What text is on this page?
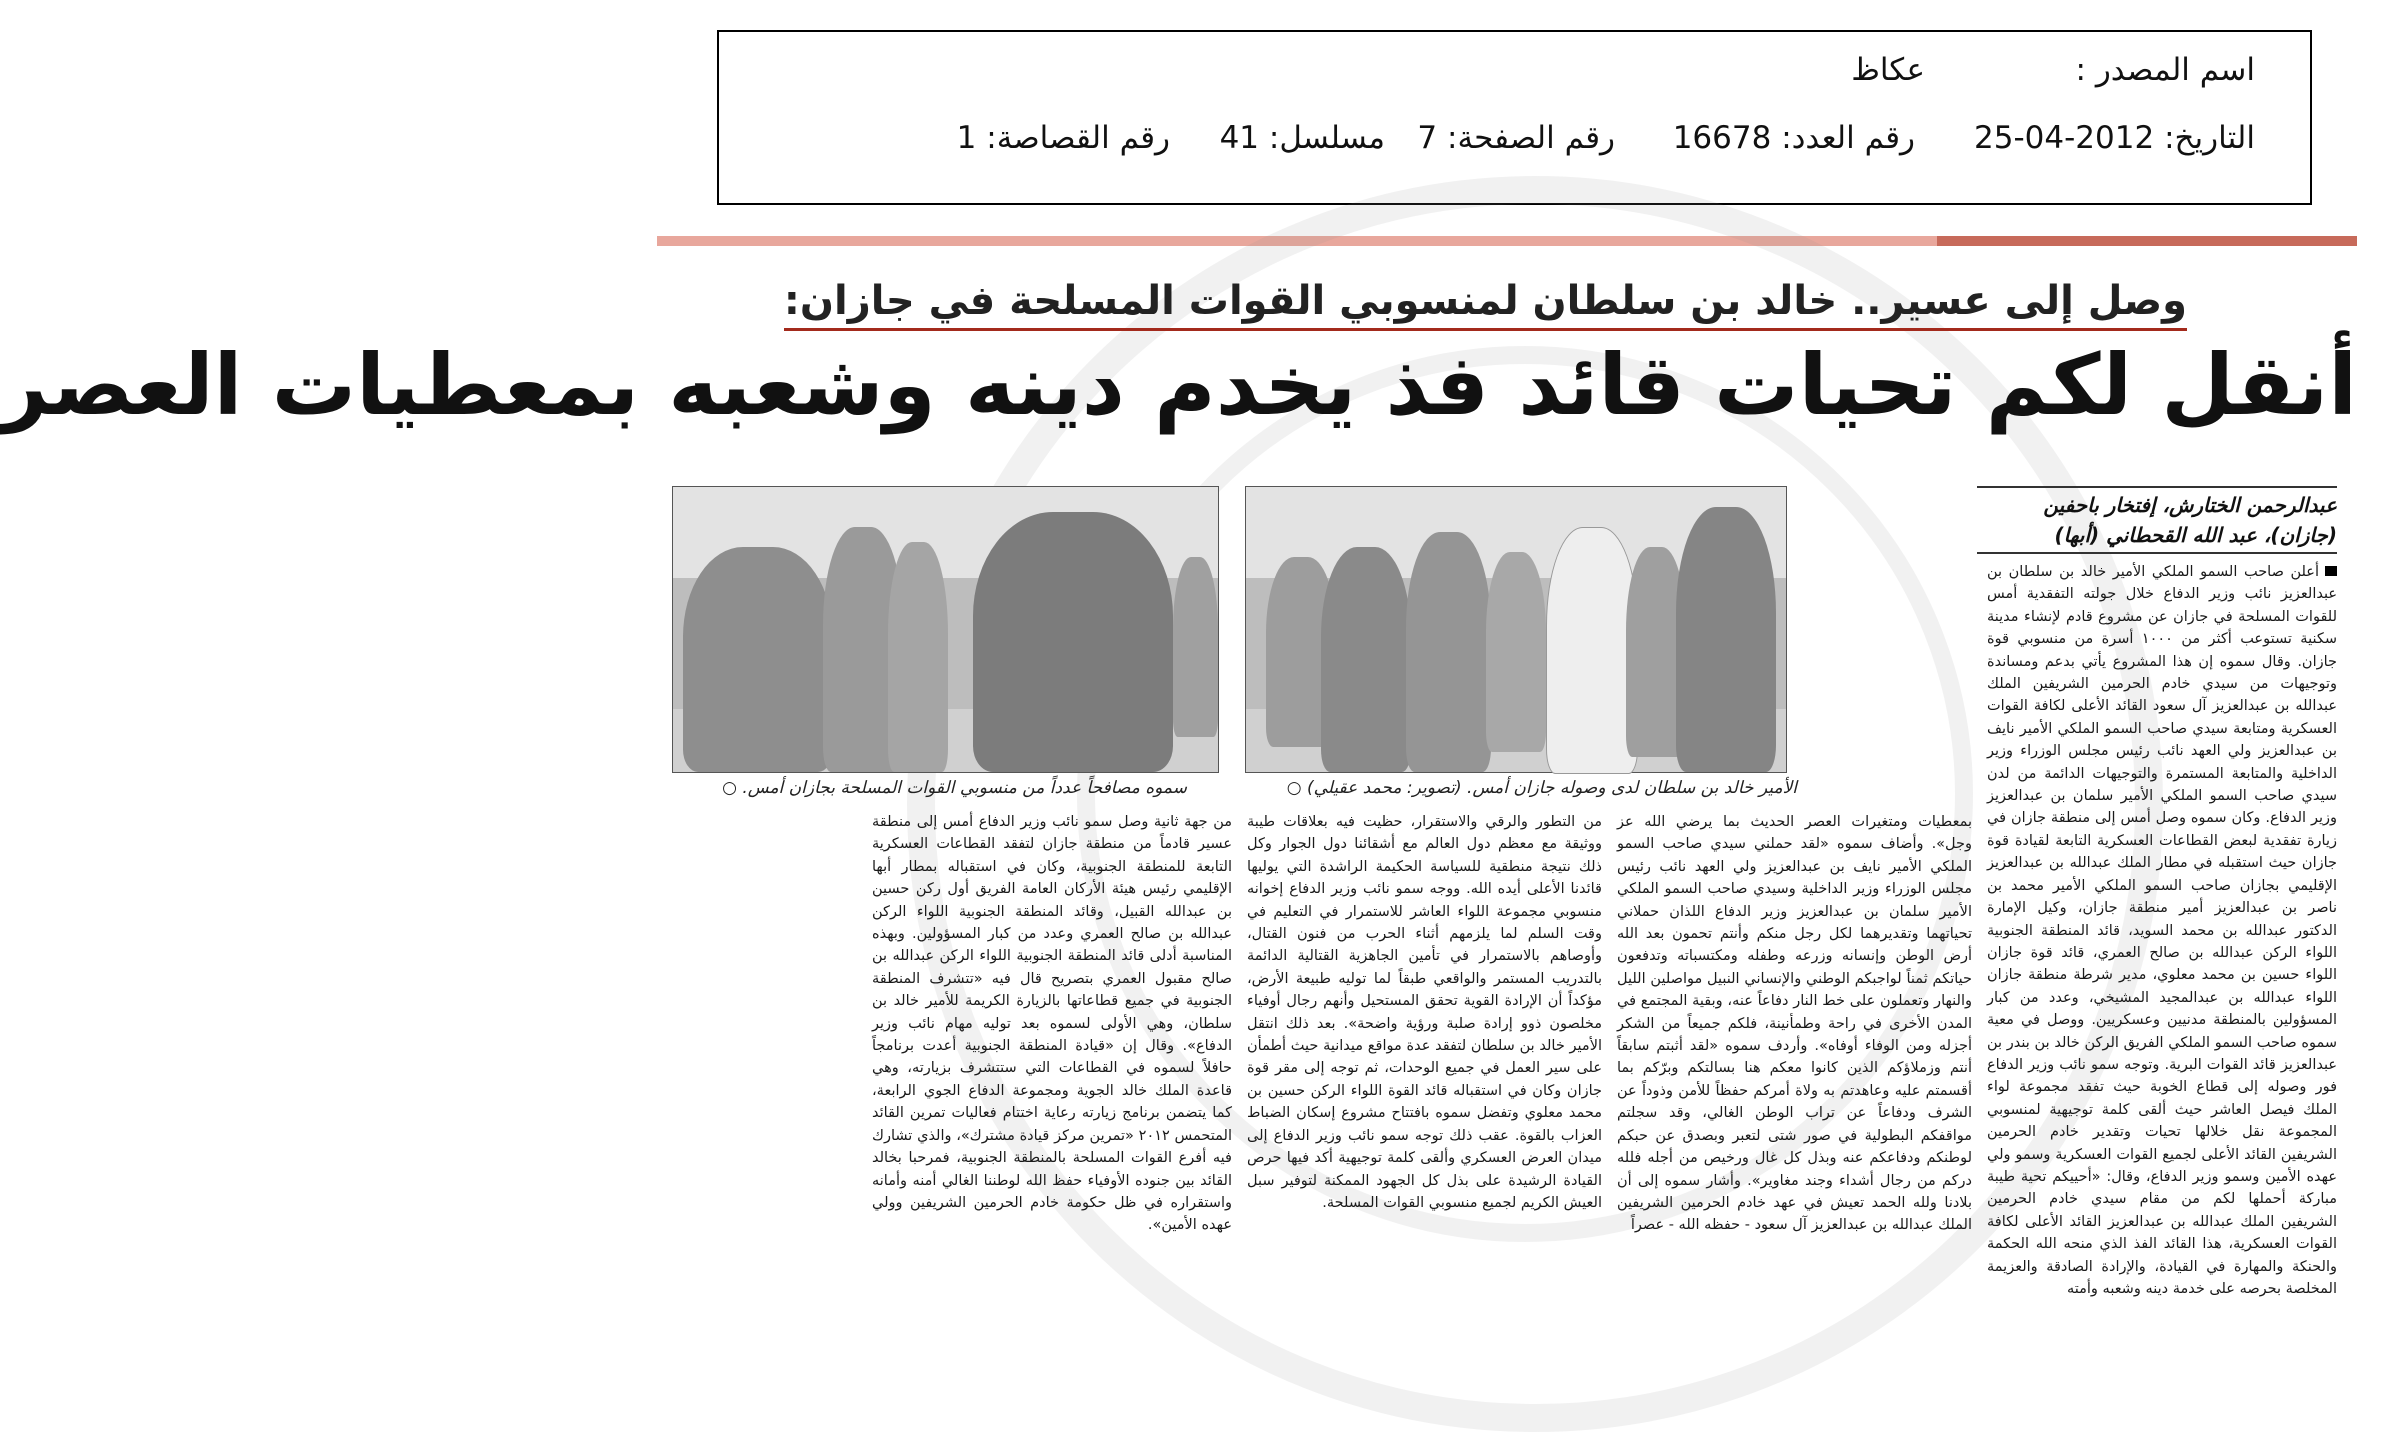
اسم المصدر :
عكاظ
التاريخ: 25-04-2012
رقم العدد: 16678
رقم الصفحة: 7
مسلسل: 41
رقم القصاصة: 1
وصل إلى عسير.. خالد بن سلطان لمنسوبي القوات المسلحة في جازان:
أنقل لكم تحيات قائد فذ يخدم دينه وشعبه بمعطيات العصر
عبدالرحمن الختارش، إفتخار باحفين
(جازان)، عبد الله القحطاني (أبها)
سموه مصافحاً عدداً من منسوبي القوات المسلحة بجازان أمس. ○	الأمير خالد بن سلطان لدى وصوله جازان أمس. (تصوير: محمد عقيلي) ○

أعلن صاحب السمو الملكي الأمير خالد بن سلطان بن عبدالعزيز نائب وزير الدفاع خلال جولته التفقدية أمس للقوات المسلحة في جازان عن مشروع قادم لإنشاء مدينة سكنية تستوعب أكثر من ١٠٠٠ أسرة من منسوبي قوة جازان. وقال سموه إن هذا المشروع يأتي بدعم ومساندة وتوجيهات من سيدي خادم الحرمين الشريفين الملك عبدالله بن عبدالعزيز آل سعود القائد الأعلى لكافة القوات العسكرية ومتابعة سيدي صاحب السمو الملكي الأمير نايف بن عبدالعزيز ولي العهد نائب رئيس مجلس الوزراء وزير الداخلية والمتابعة المستمرة والتوجيهات الدائمة من لدن سيدي صاحب السمو الملكي الأمير سلمان بن عبدالعزيز وزير الدفاع. وكان سموه وصل أمس إلى منطقة جازان في زيارة تفقدية لبعض القطاعات العسكرية التابعة لقيادة قوة جازان حيث استقبله في مطار الملك عبدالله بن عبدالعزيز الإقليمي بجازان صاحب السمو الملكي الأمير محمد بن ناصر بن عبدالعزيز أمير منطقة جازان، وكيل الإمارة الدكتور عبدالله بن محمد السويد، قائد المنطقة الجنوبية اللواء الركن عبدالله بن صالح العمري، قائد قوة جازان اللواء حسين بن محمد معلوي، مدير شرطة منطقة جازان اللواء عبدالله بن عبدالمجيد المشيخي، وعدد من كبار المسؤولين بالمنطقة مدنيين وعسكريين. ووصل في معية سموه صاحب السمو الملكي الفريق الركن خالد بن بندر بن عبدالعزيز قائد القوات البرية. وتوجه سمو نائب وزير الدفاع فور وصوله إلى قطاع الخوبة حيث تفقد مجموعة لواء الملك فيصل العاشر حيث ألقى كلمة توجيهية لمنسوبي المجموعة نقل خلالها تحيات وتقدير خادم الحرمين الشريفين القائد الأعلى لجميع القوات العسكرية وسمو ولي عهده الأمين وسمو وزير الدفاع، وقال: «أحييكم تحية طيبة مباركة أحملها لكم من مقام سيدي خادم الحرمين الشريفين الملك عبدالله بن عبدالعزيز القائد الأعلى لكافة القوات العسكرية، هذا القائد الفذ الذي منحه الله الحكمة والحنكة والمهارة في القيادة، والإرادة الصادقة والعزيمة المخلصة بحرصه على خدمة دينه وشعبه وأمته

بمعطيات ومتغيرات العصر الحديث بما يرضي الله عز وجل». وأضاف سموه «لقد حملني سيدي صاحب السمو الملكي الأمير نايف بن عبدالعزيز ولي العهد نائب رئيس مجلس الوزراء وزير الداخلية وسيدي صاحب السمو الملكي الأمير سلمان بن عبدالعزيز وزير الدفاع اللذان حملاني تحياتهما وتقديرهما لكل رجل منكم وأنتم تحمون بعد الله أرض الوطن وإنسانه وزرعه وطفله ومكتسباته وتدفعون حياتكم ثمناً لواجبكم الوطني والإنساني النبيل مواصلين الليل والنهار وتعملون على خط النار دفاعاً عنه، وبقية المجتمع في المدن الأخرى في راحة وطمأنينة، فلكم جميعاً من الشكر أجزله ومن الوفاء أوفاه». وأردف سموه «لقد أثبتم سابقاً أنتم وزملاؤكم الذين كانوا معكم هنا بسالتكم وبرّكم بما أقسمتم عليه وعاهدتم به ولاة أمركم حفظاً للأمن وذوداً عن الشرف ودفاعاً عن تراب الوطن الغالي، وقد سجلتم مواقفكم البطولية في صور شتى لتعبر وبصدق عن حبكم لوطنكم ودفاعكم عنه وبذل كل غال ورخيص من أجله فلله دركم من رجال أشداء وجند مغاوير». وأشار سموه إلى أن بلادنا ولله الحمد تعيش في عهد خادم الحرمين الشريفين الملك عبدالله بن عبدالعزيز آل سعود - حفظه الله - عصراً

من التطور والرقي والاستقرار، حظيت فيه بعلاقات طيبة ووثيقة مع معظم دول العالم مع أشقائنا دول الجوار وكل ذلك نتيجة منطقية للسياسة الحكيمة الراشدة التي يوليها قائدنا الأعلى أيده الله. ووجه سمو نائب وزير الدفاع إخوانه منسوبي مجموعة اللواء العاشر للاستمرار في التعليم في وقت السلم لما يلزمهم أثناء الحرب من فنون القتال، وأوصاهم بالاستمرار في تأمين الجاهزية القتالية الدائمة بالتدريب المستمر والواقعي طبقاً لما توليه طبيعة الأرض، مؤكداً أن الإرادة القوية تحقق المستحيل وأنهم رجال أوفياء مخلصون ذوو إرادة صلبة ورؤية واضحة». بعد ذلك انتقل الأمير خالد بن سلطان لتفقد عدة مواقع ميدانية حيث أطمأن على سير العمل في جميع الوحدات، ثم توجه إلى مقر قوة جازان وكان في استقباله قائد القوة اللواء الركن حسين بن محمد معلوي وتفضل سموه بافتتاح مشروع إسكان الضباط العزاب بالقوة. عقب ذلك توجه سمو نائب وزير الدفاع إلى ميدان العرض العسكري وألقى كلمة توجيهية أكد فيها حرص القيادة الرشيدة على بذل كل الجهود الممكنة لتوفير سبل العيش الكريم لجميع منسوبي القوات المسلحة.

من جهة ثانية وصل سمو نائب وزير الدفاع أمس إلى منطقة عسير قادماً من منطقة جازان لتفقد القطاعات العسكرية التابعة للمنطقة الجنوبية، وكان في استقباله بمطار أبها الإقليمي رئيس هيئة الأركان العامة الفريق أول ركن حسين بن عبدالله القبيل، وقائد المنطقة الجنوبية اللواء الركن عبدالله بن صالح العمري وعدد من كبار المسؤولين. وبهذه المناسبة أدلى قائد المنطقة الجنوبية اللواء الركن عبدالله بن صالح مقبول العمري بتصريح قال فيه «تتشرف المنطقة الجنوبية في جميع قطاعاتها بالزيارة الكريمة للأمير خالد بن سلطان، وهي الأولى لسموه بعد توليه مهام نائب وزير الدفاع». وقال إن «قيادة المنطقة الجنوبية أعدت برنامجاً حافلاً لسموه في القطاعات التي ستتشرف بزيارته، وهي قاعدة الملك خالد الجوية ومجموعة الدفاع الجوي الرابعة، كما يتضمن برنامج زيارته رعاية اختتام فعاليات تمرين القائد المتحمس ٢٠١٢ «تمرين مركز قيادة مشترك»، والذي تشارك فيه أفرع القوات المسلحة بالمنطقة الجنوبية، فمرحبا بخالد القائد بين جنوده الأوفياء حفظ الله لوطننا الغالي أمنه وأمانه واستقراره في ظل حكومة خادم الحرمين الشريفين وولي عهده الأمين».
